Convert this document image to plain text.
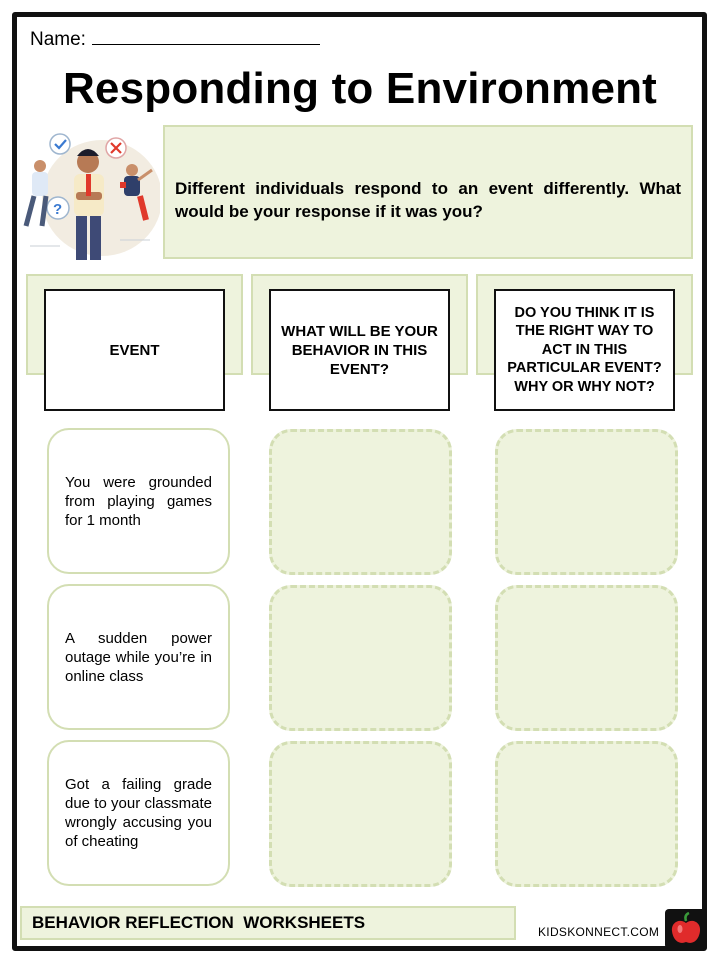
Name:
Responding to Environment
?
Different individuals respond to an event differently. What would be your response if it was you?
EVENT
WHAT WILL BE YOUR BEHAVIOR IN THIS EVENT?
DO YOU THINK IT IS THE RIGHT WAY TO ACT IN THIS PARTICULAR EVENT? WHY OR WHY NOT?
You were grounded from playing games for 1 month
A sudden power outage while you’re in online class
Got a failing grade due to your classmate wrongly accusing you of cheating
BEHAVIOR REFLECTION  WORKSHEETS	KIDSKONNECT.COM
